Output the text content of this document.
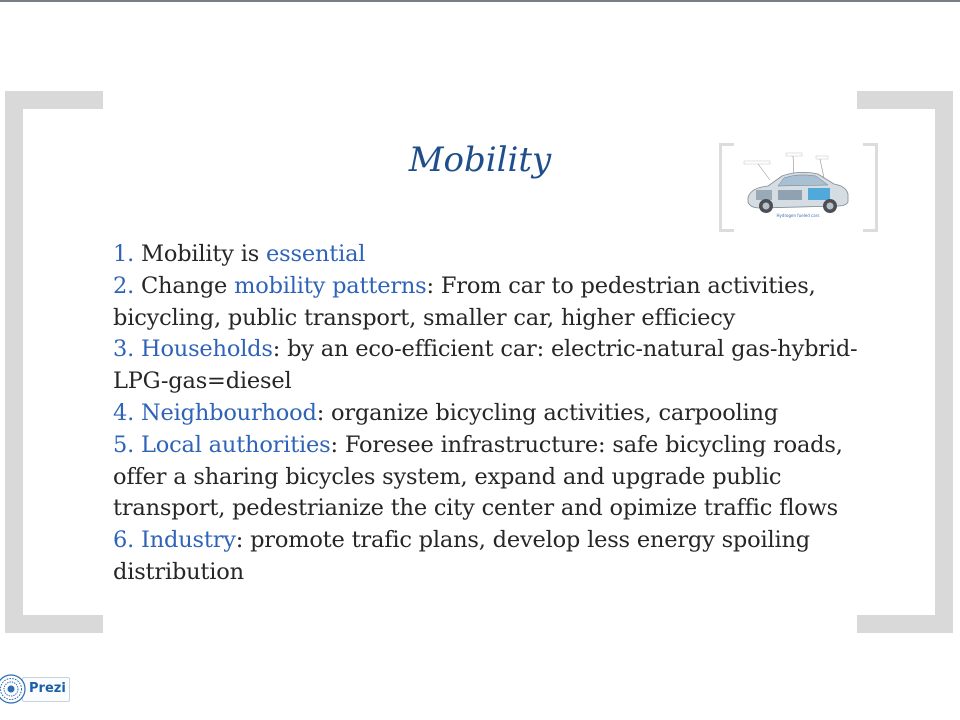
Mobility
Hydrogen fueled cars
1. Mobility is essential
2. Change mobility patterns: From car to pedestrian activities, bicycling, public transport, smaller car, higher efficiecy
3. Households: by an eco-efficient car: electric-natural gas-hybrid-LPG-gas=diesel
4. Neighbourhood: organize bicycling activities, carpooling
5. Local authorities: Foresee infrastructure: safe bicycling roads, offer a sharing bicycles system, expand and upgrade public transport, pedestrianize the city center and opimize traffic flows
6. Industry: promote trafic plans, develop less energy spoiling distribution
Prezi
